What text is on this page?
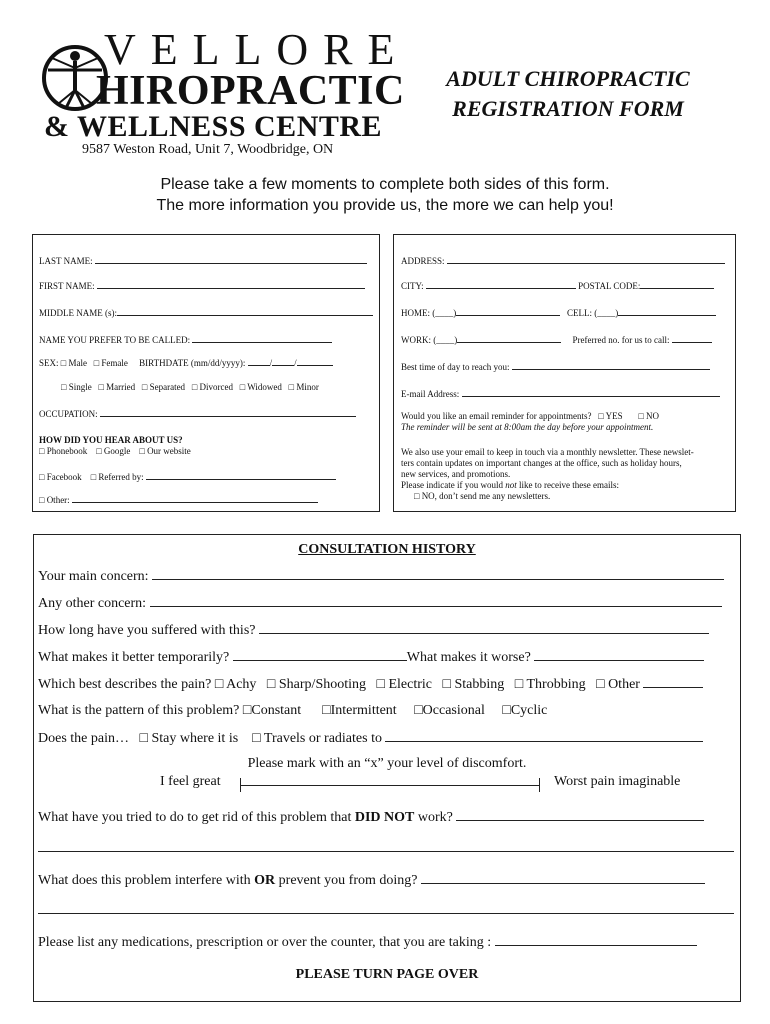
VELLORE
HIROPRACTIC
& WELLNESS CENTRE
9587 Weston Road, Unit 7, Woodbridge, ON
ADULT CHIROPRACTIC
REGISTRATION FORM
Please take a few moments to complete both sides of this form.
The more information you provide us, the more we can help you!
LAST NAME:
FIRST NAME:
MIDDLE NAME (s):
NAME YOU PREFER TO BE CALLED:
SEX: □ Male □ Female BIRTHDATE (mm/dd/yyyy):	/ /
□ Single □ Married □ Separated □ Divorced □ Widowed □ Minor
OCCUPATION:
HOW DID YOU HEAR ABOUT US?
□ Phonebook □ Google □ Our website
□ Facebook □ Referred by:
□ Other:
ADDRESS:
CITY:	POSTAL CODE:
HOME: (____)	CELL: (____)
WORK: (____)	Preferred no. for us to call:
Best time of day to reach you:
E-mail Address:
Would you like an email reminder for appointments? □ YES □ NO
The reminder will be sent at 8:00am the day before your appointment.
We also use your email to keep in touch via a monthly newsletter. These newslet-
ters contain updates on important changes at the office, such as holiday hours,
new services, and promotions.
Please indicate if you would not like to receive these emails:
□ NO, don’t send me any newsletters.
CONSULTATION HISTORY
Your main concern:
Any other concern:
How long have you suffered with this?
What makes it better temporarily?	What makes it worse?
Which best describes the pain? □ Achy □ Sharp/Shooting □ Electric □ Stabbing □ Throbbing □ Other
What is the pattern of this problem? □Constant □Intermittent □Occasional □Cyclic
Does the pain… □ Stay where it is □ Travels or radiates to
Please mark with an “x” your level of discomfort.
I feel great	Worst pain imaginable
What have you tried to do to get rid of this problem that DID NOT work?
What does this problem interfere with OR prevent you from doing?
Please list any medications, prescription or over the counter, that you are taking :
PLEASE TURN PAGE OVER
